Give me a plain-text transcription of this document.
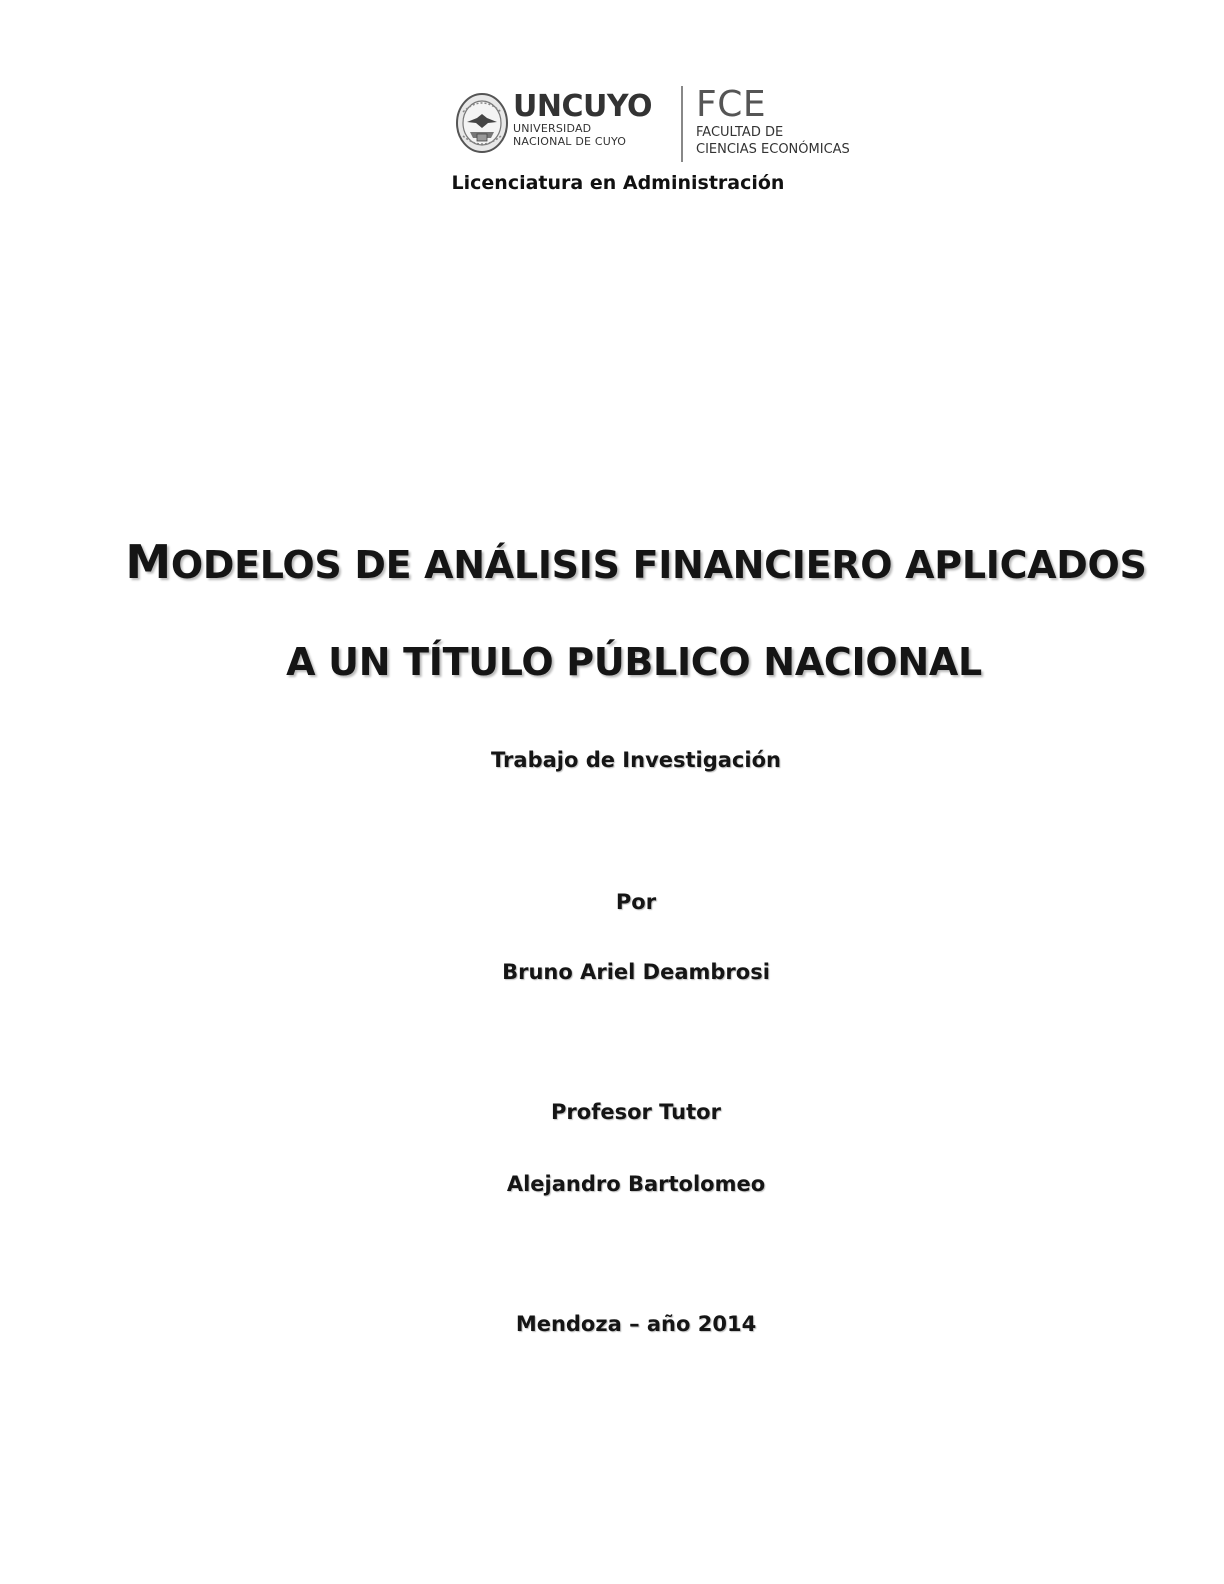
UNCUYO
UNIVERSIDAD
NACIONAL DE CUYO
FCE
FACULTAD DE
CIENCIAS ECONÓMICAS
Licenciatura en Administración
MODELOS DE ANÁLISIS FINANCIERO APLICADOS
A UN TÍTULO PÚBLICO NACIONAL
Trabajo de Investigación
Por
Bruno Ariel Deambrosi
Profesor Tutor
Alejandro Bartolomeo
Mendoza – año 2014
